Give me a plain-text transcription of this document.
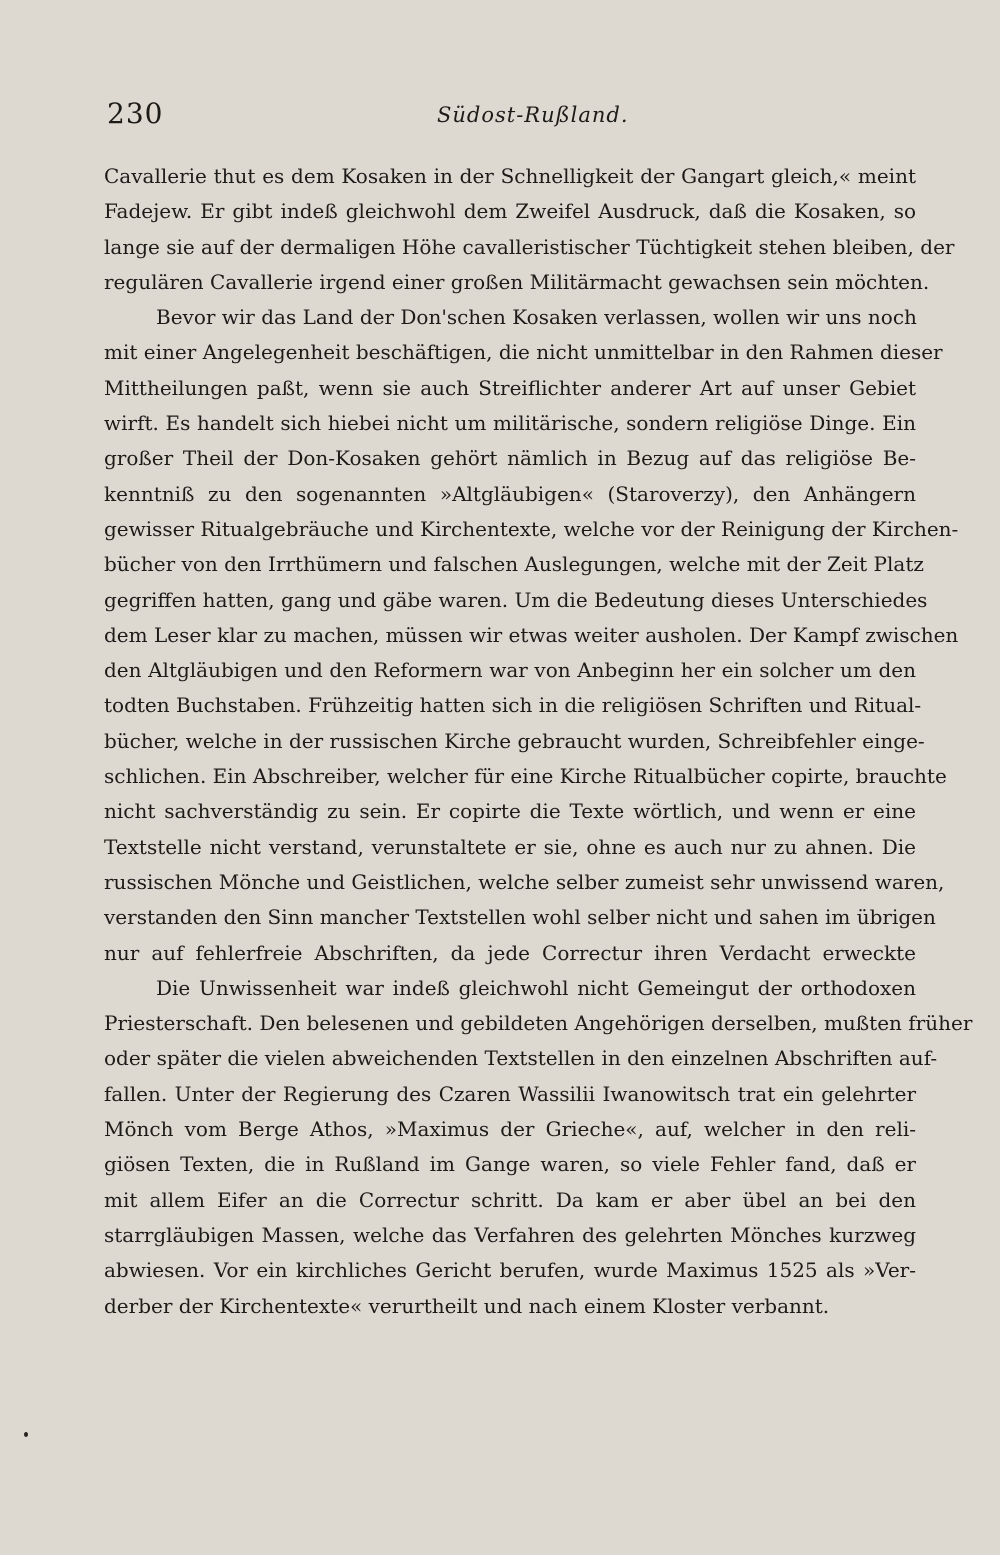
230	Südost-Rußland.
Cavallerie thut es dem Kosaken in der Schnelligkeit der Gangart gleich,« meint
Fadejew. Er gibt indeß gleichwohl dem Zweifel Ausdruck, daß die Kosaken, so
lange sie auf der dermaligen Höhe cavalleristischer Tüchtigkeit stehen bleiben, der
regulären Cavallerie irgend einer großen Militärmacht gewachsen sein möchten.
Bevor wir das Land der Don'schen Kosaken verlassen, wollen wir uns noch
mit einer Angelegenheit beschäftigen, die nicht unmittelbar in den Rahmen dieser
Mittheilungen paßt, wenn sie auch Streiflichter anderer Art auf unser Gebiet
wirft. Es handelt sich hiebei nicht um militärische, sondern religiöse Dinge. Ein
großer Theil der Don-Kosaken gehört nämlich in Bezug auf das religiöse Be-
kenntniß zu den sogenannten »Altgläubigen« (Staroverzy), den Anhängern
gewisser Ritualgebräuche und Kirchentexte, welche vor der Reinigung der Kirchen-
bücher von den Irrthümern und falschen Auslegungen, welche mit der Zeit Platz
gegriffen hatten, gang und gäbe waren. Um die Bedeutung dieses Unterschiedes
dem Leser klar zu machen, müssen wir etwas weiter ausholen. Der Kampf zwischen
den Altgläubigen und den Reformern war von Anbeginn her ein solcher um den
todten Buchstaben. Frühzeitig hatten sich in die religiösen Schriften und Ritual-
bücher, welche in der russischen Kirche gebraucht wurden, Schreibfehler einge-
schlichen. Ein Abschreiber, welcher für eine Kirche Ritualbücher copirte, brauchte
nicht sachverständig zu sein. Er copirte die Texte wörtlich, und wenn er eine
Textstelle nicht verstand, verunstaltete er sie, ohne es auch nur zu ahnen. Die
russischen Mönche und Geistlichen, welche selber zumeist sehr unwissend waren,
verstanden den Sinn mancher Textstellen wohl selber nicht und sahen im übrigen
nur auf fehlerfreie Abschriften, da jede Correctur ihren Verdacht erweckte
Die Unwissenheit war indeß gleichwohl nicht Gemeingut der orthodoxen
Priesterschaft. Den belesenen und gebildeten Angehörigen derselben, mußten früher
oder später die vielen abweichenden Textstellen in den einzelnen Abschriften auf-
fallen. Unter der Regierung des Czaren Wassilii Iwanowitsch trat ein gelehrter
Mönch vom Berge Athos, »Maximus der Grieche«, auf, welcher in den reli-
giösen Texten, die in Rußland im Gange waren, so viele Fehler fand, daß er
mit allem Eifer an die Correctur schritt. Da kam er aber übel an bei den
starrgläubigen Massen, welche das Verfahren des gelehrten Mönches kurzweg
abwiesen. Vor ein kirchliches Gericht berufen, wurde Maximus 1525 als »Ver-
derber der Kirchentexte« verurtheilt und nach einem Kloster verbannt.
